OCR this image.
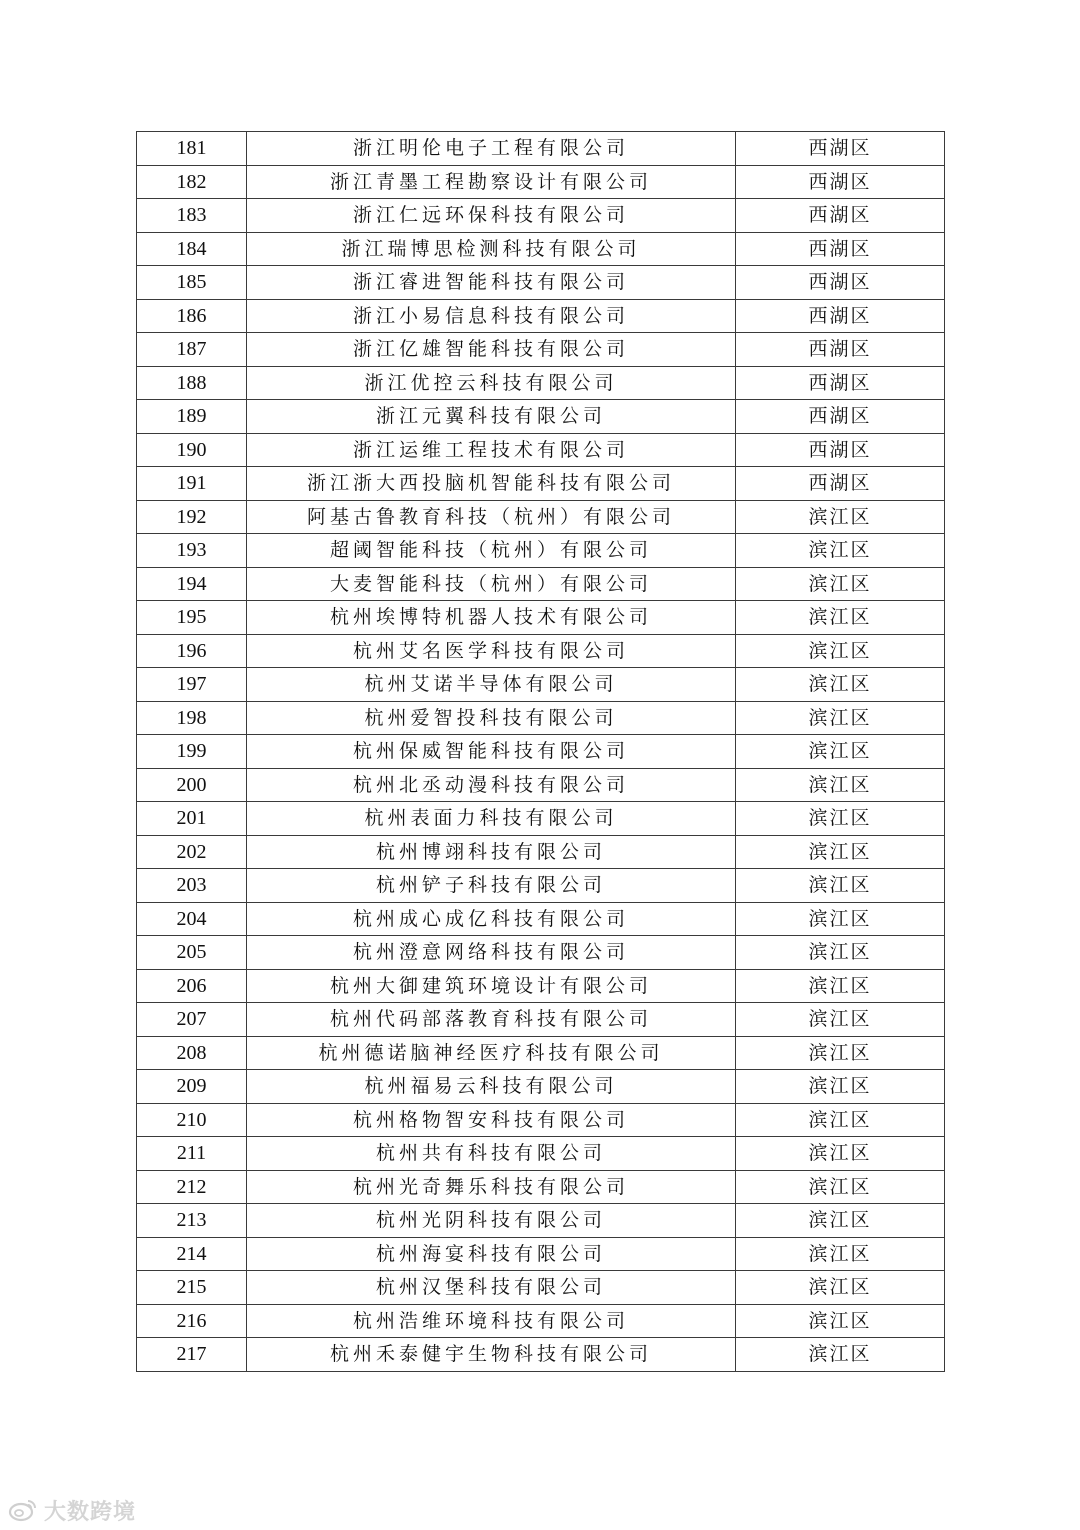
181	浙江明伦电子工程有限公司	西湖区
182	浙江青墨工程勘察设计有限公司	西湖区
183	浙江仁远环保科技有限公司	西湖区
184	浙江瑞博思检测科技有限公司	西湖区
185	浙江睿进智能科技有限公司	西湖区
186	浙江小易信息科技有限公司	西湖区
187	浙江亿雄智能科技有限公司	西湖区
188	浙江优控云科技有限公司	西湖区
189	浙江元翼科技有限公司	西湖区
190	浙江运维工程技术有限公司	西湖区
191	浙江浙大西投脑机智能科技有限公司	西湖区
192	阿基古鲁教育科技（杭州）有限公司	滨江区
193	超阈智能科技（杭州）有限公司	滨江区
194	大麦智能科技（杭州）有限公司	滨江区
195	杭州埃博特机器人技术有限公司	滨江区
196	杭州艾名医学科技有限公司	滨江区
197	杭州艾诺半导体有限公司	滨江区
198	杭州爱智投科技有限公司	滨江区
199	杭州保威智能科技有限公司	滨江区
200	杭州北丞动漫科技有限公司	滨江区
201	杭州表面力科技有限公司	滨江区
202	杭州博翊科技有限公司	滨江区
203	杭州铲子科技有限公司	滨江区
204	杭州成心成亿科技有限公司	滨江区
205	杭州澄意网络科技有限公司	滨江区
206	杭州大御建筑环境设计有限公司	滨江区
207	杭州代码部落教育科技有限公司	滨江区
208	杭州德诺脑神经医疗科技有限公司	滨江区
209	杭州福易云科技有限公司	滨江区
210	杭州格物智安科技有限公司	滨江区
211	杭州共有科技有限公司	滨江区
212	杭州光奇舞乐科技有限公司	滨江区
213	杭州光阴科技有限公司	滨江区
214	杭州海宴科技有限公司	滨江区
215	杭州汉堡科技有限公司	滨江区
216	杭州浩维环境科技有限公司	滨江区
217	杭州禾泰健宇生物科技有限公司	滨江区
大数跨境
